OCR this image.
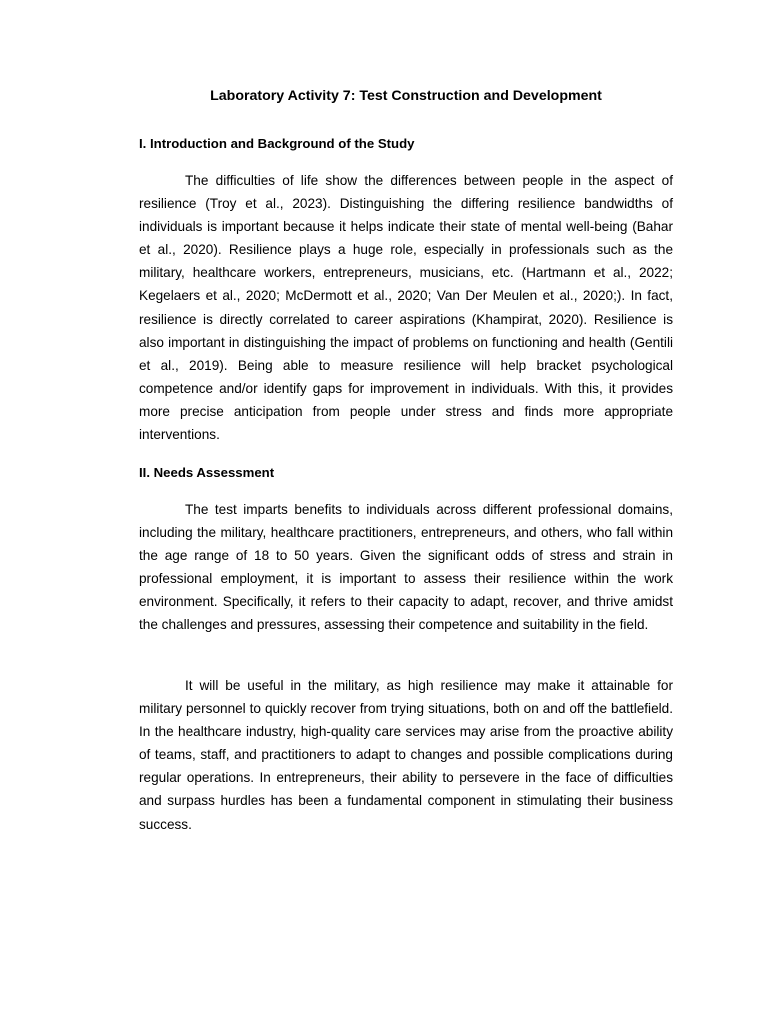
Laboratory Activity 7: Test Construction and Development
I. Introduction and Background of the Study

The difficulties of life show the differences between people in the aspect of resilience (Troy et al., 2023). Distinguishing the differing resilience bandwidths of individuals is important because it helps indicate their state of mental well-being (Bahar et al., 2020). Resilience plays a huge role, especially in professionals such as the military, healthcare workers, entrepreneurs, musicians, etc. (Hartmann et al., 2022; Kegelaers et al., 2020; McDermott et al., 2020; Van Der Meulen et al., 2020;). In fact, resilience is directly correlated to career aspirations (Khampirat, 2020). Resilience is also important in distinguishing the impact of problems on functioning and health (Gentili et al., 2019). Being able to measure resilience will help bracket psychological competence and/or identify gaps for improvement in individuals. With this, it provides more precise anticipation from people under stress and finds more appropriate interventions.

II. Needs Assessment

The test imparts benefits to individuals across different professional domains, including the military, healthcare practitioners, entrepreneurs, and others, who fall within the age range of 18 to 50 years. Given the significant odds of stress and strain in professional employment, it is important to assess their resilience within the work environment. Specifically, it refers to their capacity to adapt, recover, and thrive amidst the challenges and pressures, assessing their competence and suitability in the field.

It will be useful in the military, as high resilience may make it attainable for military personnel to quickly recover from trying situations, both on and off the battlefield. In the healthcare industry, high-quality care services may arise from the proactive ability of teams, staff, and practitioners to adapt to changes and possible complications during regular operations. In entrepreneurs, their ability to persevere in the face of difficulties and surpass hurdles has been a fundamental component in stimulating their business success.
